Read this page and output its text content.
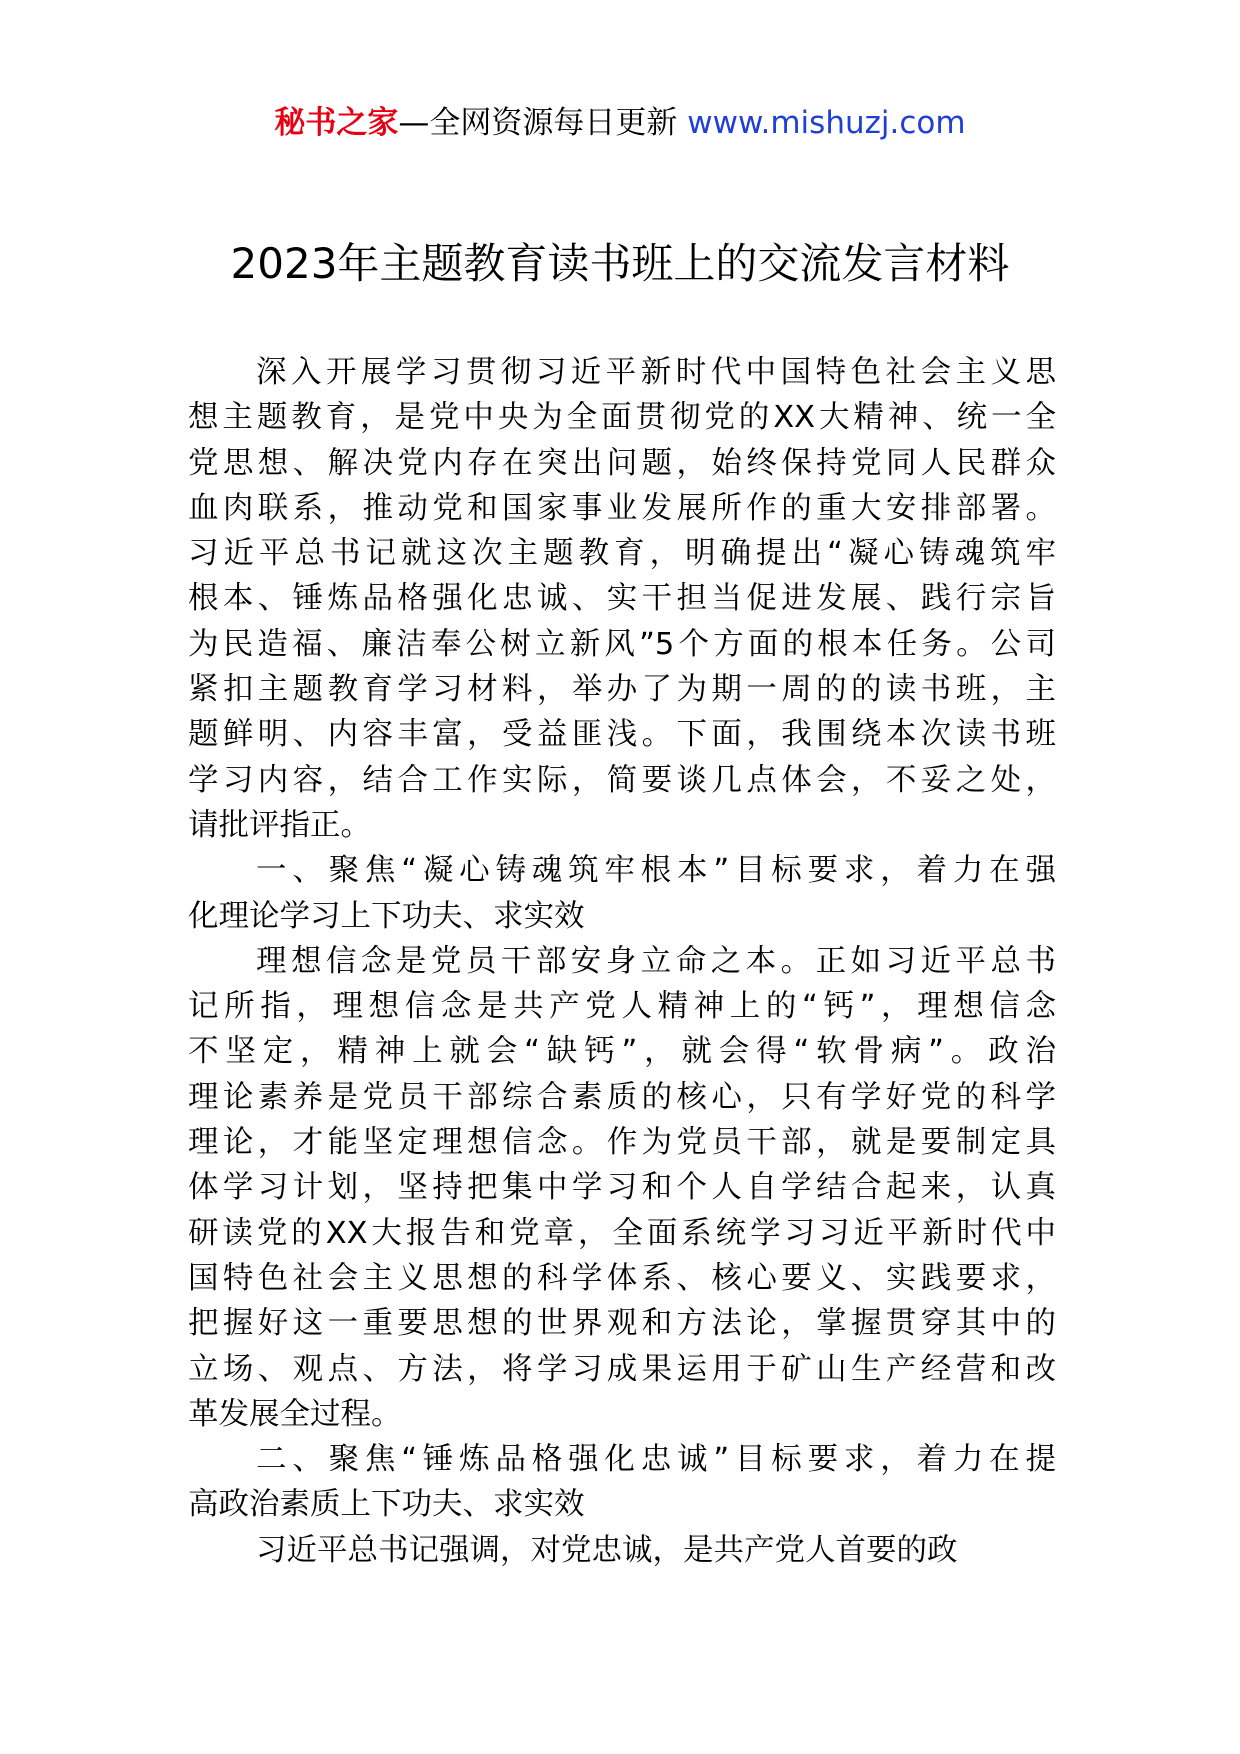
秘书之家—全网资源每日更新 www.mishuzj.com
2023年主题教育读书班上的交流发言材料
深入开展学习贯彻习近平新时代中国特色社会主义思
想主题教育，是党中央为全面贯彻党的XX大精神、统一全
党思想、解决党内存在突出问题，始终保持党同人民群众
血肉联系，推动党和国家事业发展所作的重大安排部署。
习近平总书记就这次主题教育，明确提出“凝心铸魂筑牢
根本、锤炼品格强化忠诚、实干担当促进发展、践行宗旨
为民造福、廉洁奉公树立新风”5个方面的根本任务。公司
紧扣主题教育学习材料，举办了为期一周的的读书班，主
题鲜明、内容丰富，受益匪浅。下面，我围绕本次读书班
学习内容，结合工作实际，简要谈几点体会，不妥之处，
请批评指正。
一、聚焦“凝心铸魂筑牢根本”目标要求，着力在强
化理论学习上下功夫、求实效
理想信念是党员干部安身立命之本。正如习近平总书
记所指，理想信念是共产党人精神上的“钙”，理想信念
不坚定，精神上就会“缺钙”，就会得“软骨病”。政治
理论素养是党员干部综合素质的核心，只有学好党的科学
理论，才能坚定理想信念。作为党员干部，就是要制定具
体学习计划，坚持把集中学习和个人自学结合起来，认真
研读党的XX大报告和党章，全面系统学习习近平新时代中
国特色社会主义思想的科学体系、核心要义、实践要求，
把握好这一重要思想的世界观和方法论，掌握贯穿其中的
立场、观点、方法，将学习成果运用于矿山生产经营和改
革发展全过程。
二、聚焦“锤炼品格强化忠诚”目标要求，着力在提
高政治素质上下功夫、求实效
习近平总书记强调，对党忠诚，是共产党人首要的政
